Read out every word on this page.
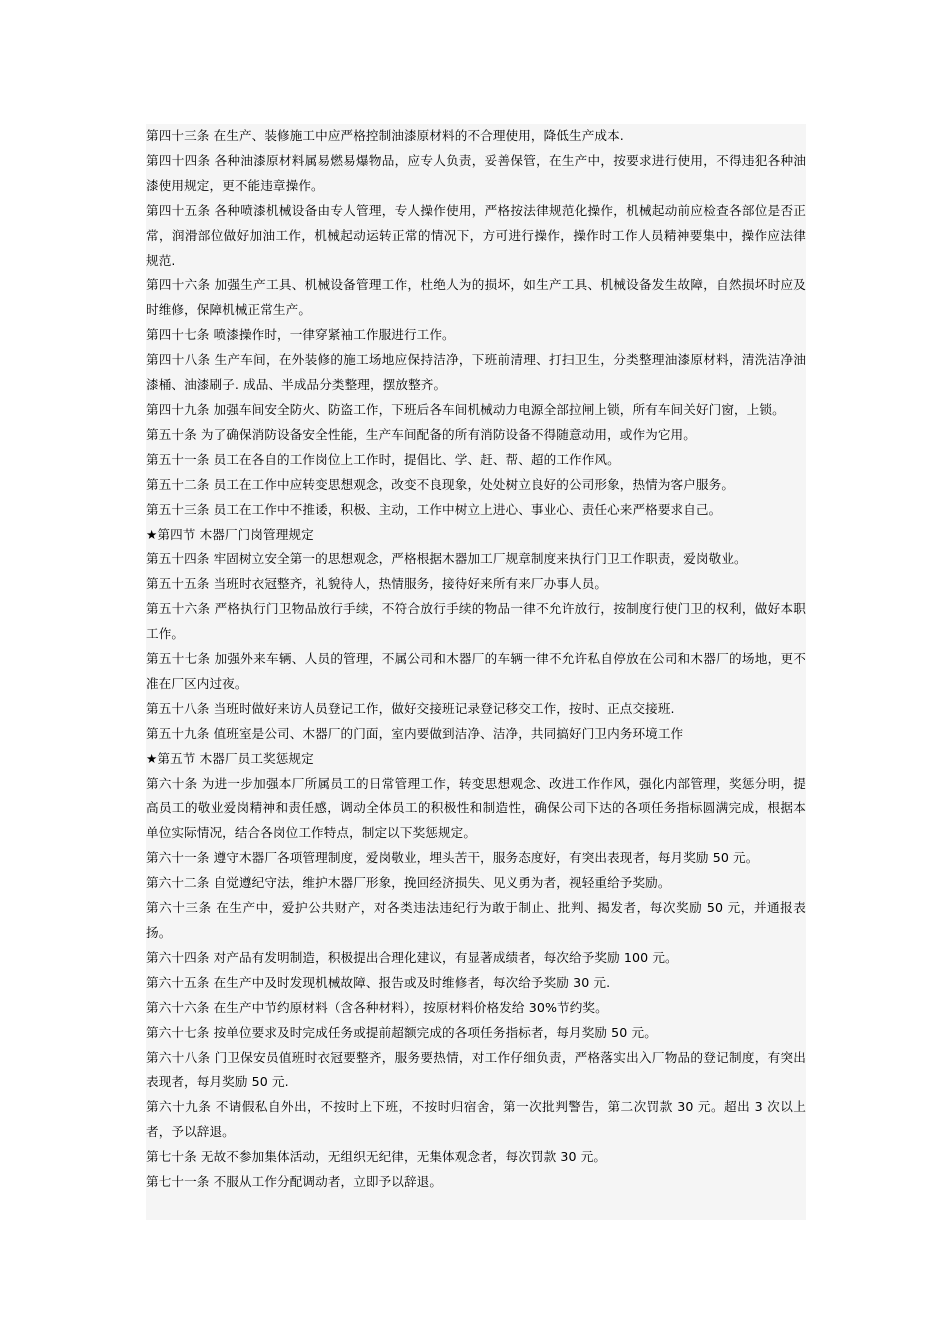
第四十三条 在生产、装修施工中应严格控制油漆原材料的不合理使用，降低生产成本.

第四十四条 各种油漆原材料属易燃易爆物品，应专人负责，妥善保管，在生产中，按要求进行使用，不得违犯各种油漆使用规定，更不能违章操作。

第四十五条 各种喷漆机械设备由专人管理，专人操作使用，严格按法律规范化操作，机械起动前应检查各部位是否正常，润滑部位做好加油工作，机械起动运转正常的情况下，方可进行操作，操作时工作人员精神要集中，操作应法律规范.

第四十六条 加强生产工具、机械设备管理工作，杜绝人为的损坏，如生产工具、机械设备发生故障，自然损坏时应及时维修，保障机械正常生产。

第四十七条 喷漆操作时，一律穿紧袖工作服进行工作。

第四十八条 生产车间，在外装修的施工场地应保持洁净，下班前清理、打扫卫生，分类整理油漆原材料，清洗洁净油漆桶、油漆刷子. 成品、半成品分类整理，摆放整齐。

第四十九条 加强车间安全防火、防盗工作，下班后各车间机械动力电源全部拉闸上锁，所有车间关好门窗，上锁。

第五十条 为了确保消防设备安全性能，生产车间配备的所有消防设备不得随意动用，或作为它用。

第五十一条 员工在各自的工作岗位上工作时，提倡比、学、赶、帮、超的工作作风。

第五十二条 员工在工作中应转变思想观念，改变不良现象，处处树立良好的公司形象，热情为客户服务。

第五十三条 员工在工作中不推诿，积极、主动，工作中树立上进心、事业心、责任心来严格要求自己。

★第四节 木器厂门岗管理规定

第五十四条 牢固树立安全第一的思想观念，严格根据木器加工厂规章制度来执行门卫工作职责，爱岗敬业。

第五十五条 当班时衣冠整齐，礼貌待人，热情服务，接待好来所有来厂办事人员。

第五十六条 严格执行门卫物品放行手续，不符合放行手续的物品一律不允许放行，按制度行使门卫的权利，做好本职工作。

第五十七条 加强外来车辆、人员的管理，不属公司和木器厂的车辆一律不允许私自停放在公司和木器厂的场地，更不准在厂区内过夜。

第五十八条 当班时做好来访人员登记工作，做好交接班记录登记移交工作，按时、正点交接班.

第五十九条 值班室是公司、木器厂的门面，室内要做到洁净、洁净，共同搞好门卫内务环境工作

★第五节 木器厂员工奖惩规定

第六十条 为进一步加强本厂所属员工的日常管理工作，转变思想观念、改进工作作风，强化内部管理，奖惩分明，提高员工的敬业爱岗精神和责任感，调动全体员工的积极性和制造性，确保公司下达的各项任务指标圆满完成，根据本单位实际情况，结合各岗位工作特点，制定以下奖惩规定。

第六十一条 遵守木器厂各项管理制度，爱岗敬业，埋头苦干，服务态度好，有突出表现者，每月奖励 50 元。

第六十二条 自觉遵纪守法，维护木器厂形象，挽回经济损失、见义勇为者，视轻重给予奖励。

第六十三条 在生产中，爱护公共财产，对各类违法违纪行为敢于制止、批判、揭发者，每次奖励 50 元，并通报表扬。

第六十四条 对产品有发明制造，积极提出合理化建议，有显著成绩者，每次给予奖励 100 元。

第六十五条 在生产中及时发现机械故障、报告或及时维修者，每次给予奖励 30 元.

第六十六条 在生产中节约原材料（含各种材料），按原材料价格发给 30%节约奖。

第六十七条 按单位要求及时完成任务或提前超额完成的各项任务指标者，每月奖励 50 元。

第六十八条 门卫保安员值班时衣冠要整齐，服务要热情，对工作仔细负责，严格落实出入厂物品的登记制度，有突出表现者，每月奖励 50 元.

第六十九条 不请假私自外出，不按时上下班，不按时归宿舍，第一次批判警告，第二次罚款 30 元。超出 3 次以上者，予以辞退。

第七十条 无故不参加集体活动，无组织无纪律，无集体观念者，每次罚款 30 元。

第七十一条 不服从工作分配调动者，立即予以辞退。
